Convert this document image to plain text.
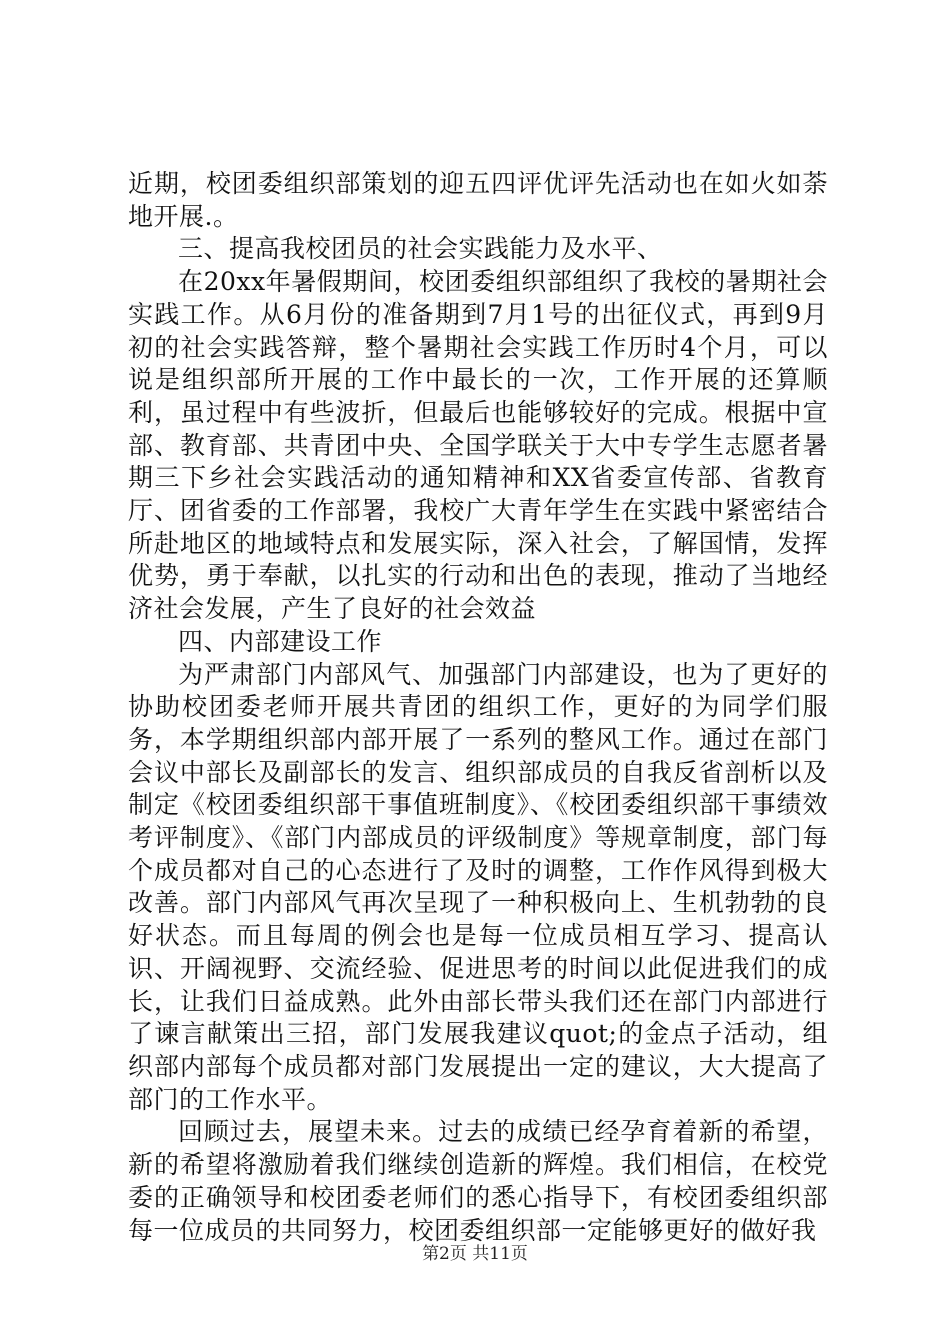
近期，校团委组织部策划的迎五四评优评先活动也在如火如荼地开展.。

三、提高我校团员的社会实践能力及水平、

在20xx年暑假期间，校团委组织部组织了我校的暑期社会实践工作。从6月份的准备期到7月1号的出征仪式，再到9月初的社会实践答辩，整个暑期社会实践工作历时4个月，可以说是组织部所开展的工作中最长的一次，工作开展的还算顺利，虽过程中有些波折，但最后也能够较好的完成。根据中宣部、教育部、共青团中央、全国学联关于大中专学生志愿者暑期三下乡社会实践活动的通知精神和XX省委宣传部、省教育厅、团省委的工作部署，我校广大青年学生在实践中紧密结合所赴地区的地域特点和发展实际，深入社会，了解国情，发挥优势，勇于奉献，以扎实的行动和出色的表现，推动了当地经济社会发展，产生了良好的社会效益

四、内部建设工作

为严肃部门内部风气、加强部门内部建设，也为了更好的协助校团委老师开展共青团的组织工作，更好的为同学们服务，本学期组织部内部开展了一系列的整风工作。通过在部门会议中部长及副部长的发言、组织部成员的自我反省剖析以及制定《校团委组织部干事值班制度》、《校团委组织部干事绩效考评制度》、《部门内部成员的评级制度》等规章制度，部门每个成员都对自己的心态进行了及时的调整，工作作风得到极大改善。部门内部风气再次呈现了一种积极向上、生机勃勃的良好状态。而且每周的例会也是每一位成员相互学习、提高认识、开阔视野、交流经验、促进思考的时间以此促进我们的成长，让我们日益成熟。此外由部长带头我们还在部门内部进行了谏言献策出三招，部门发展我建议quot;的金点子活动，组织部内部每个成员都对部门发展提出一定的建议，大大提高了部门的工作水平。

回顾过去，展望未来。过去的成绩已经孕育着新的希望，新的希望将激励着我们继续创造新的辉煌。我们相信，在校党委的正确领导和校团委老师们的悉心指导下，有校团委组织部每一位成员的共同努力，校团委组织部一定能够更好的做好我

第2页 共11页
